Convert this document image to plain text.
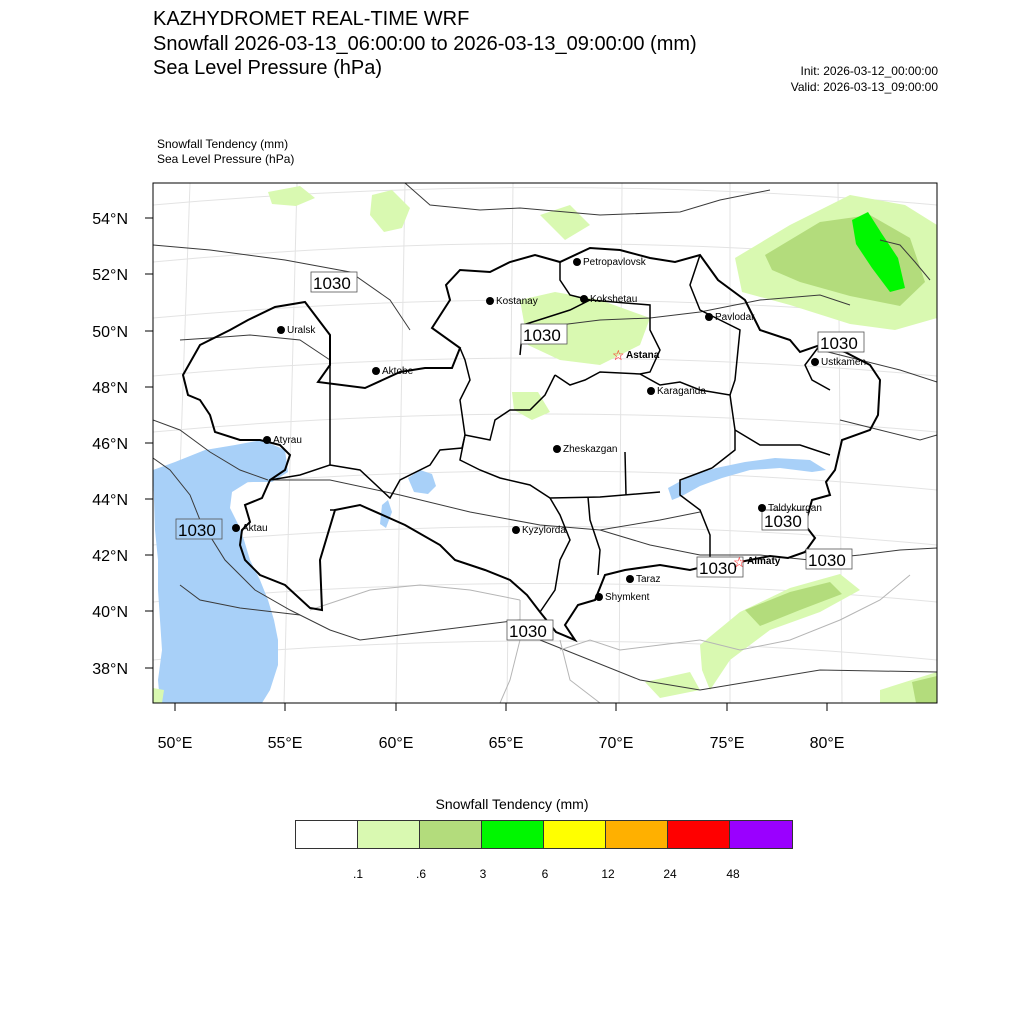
KAZHYDROMET REAL-TIME WRF
Snowfall 2026-03-13_06:00:00 to 2026-03-13_09:00:00 (mm)
Sea Level Pressure (hPa)	Init: 2026-03-12_00:00:00
Valid: 2026-03-13_09:00:00
Snowfall Tendency (mm)
Sea Level Pressure (hPa)
54°N
52°N
50°N
48°N
46°N
44°N
42°N
40°N
38°N
50°E	55°E	60°E	65°E	70°E	75°E	80°E
1030
1030
1030
1030
1030
1030
1030
1030
Petropavlovsk
Kostanay	Kokshetau
Pavlodar
Uralsk
☆ Astana
Ustkamen
Aktobe
Karaganda
Atyrau
Zheskazgan
Taldykurgan
Aktau	Kyzylorda
☆ Almaty
Taraz
Shymkent
Snowfall Tendency (mm)
.1	.6	3	6	12	24	48
